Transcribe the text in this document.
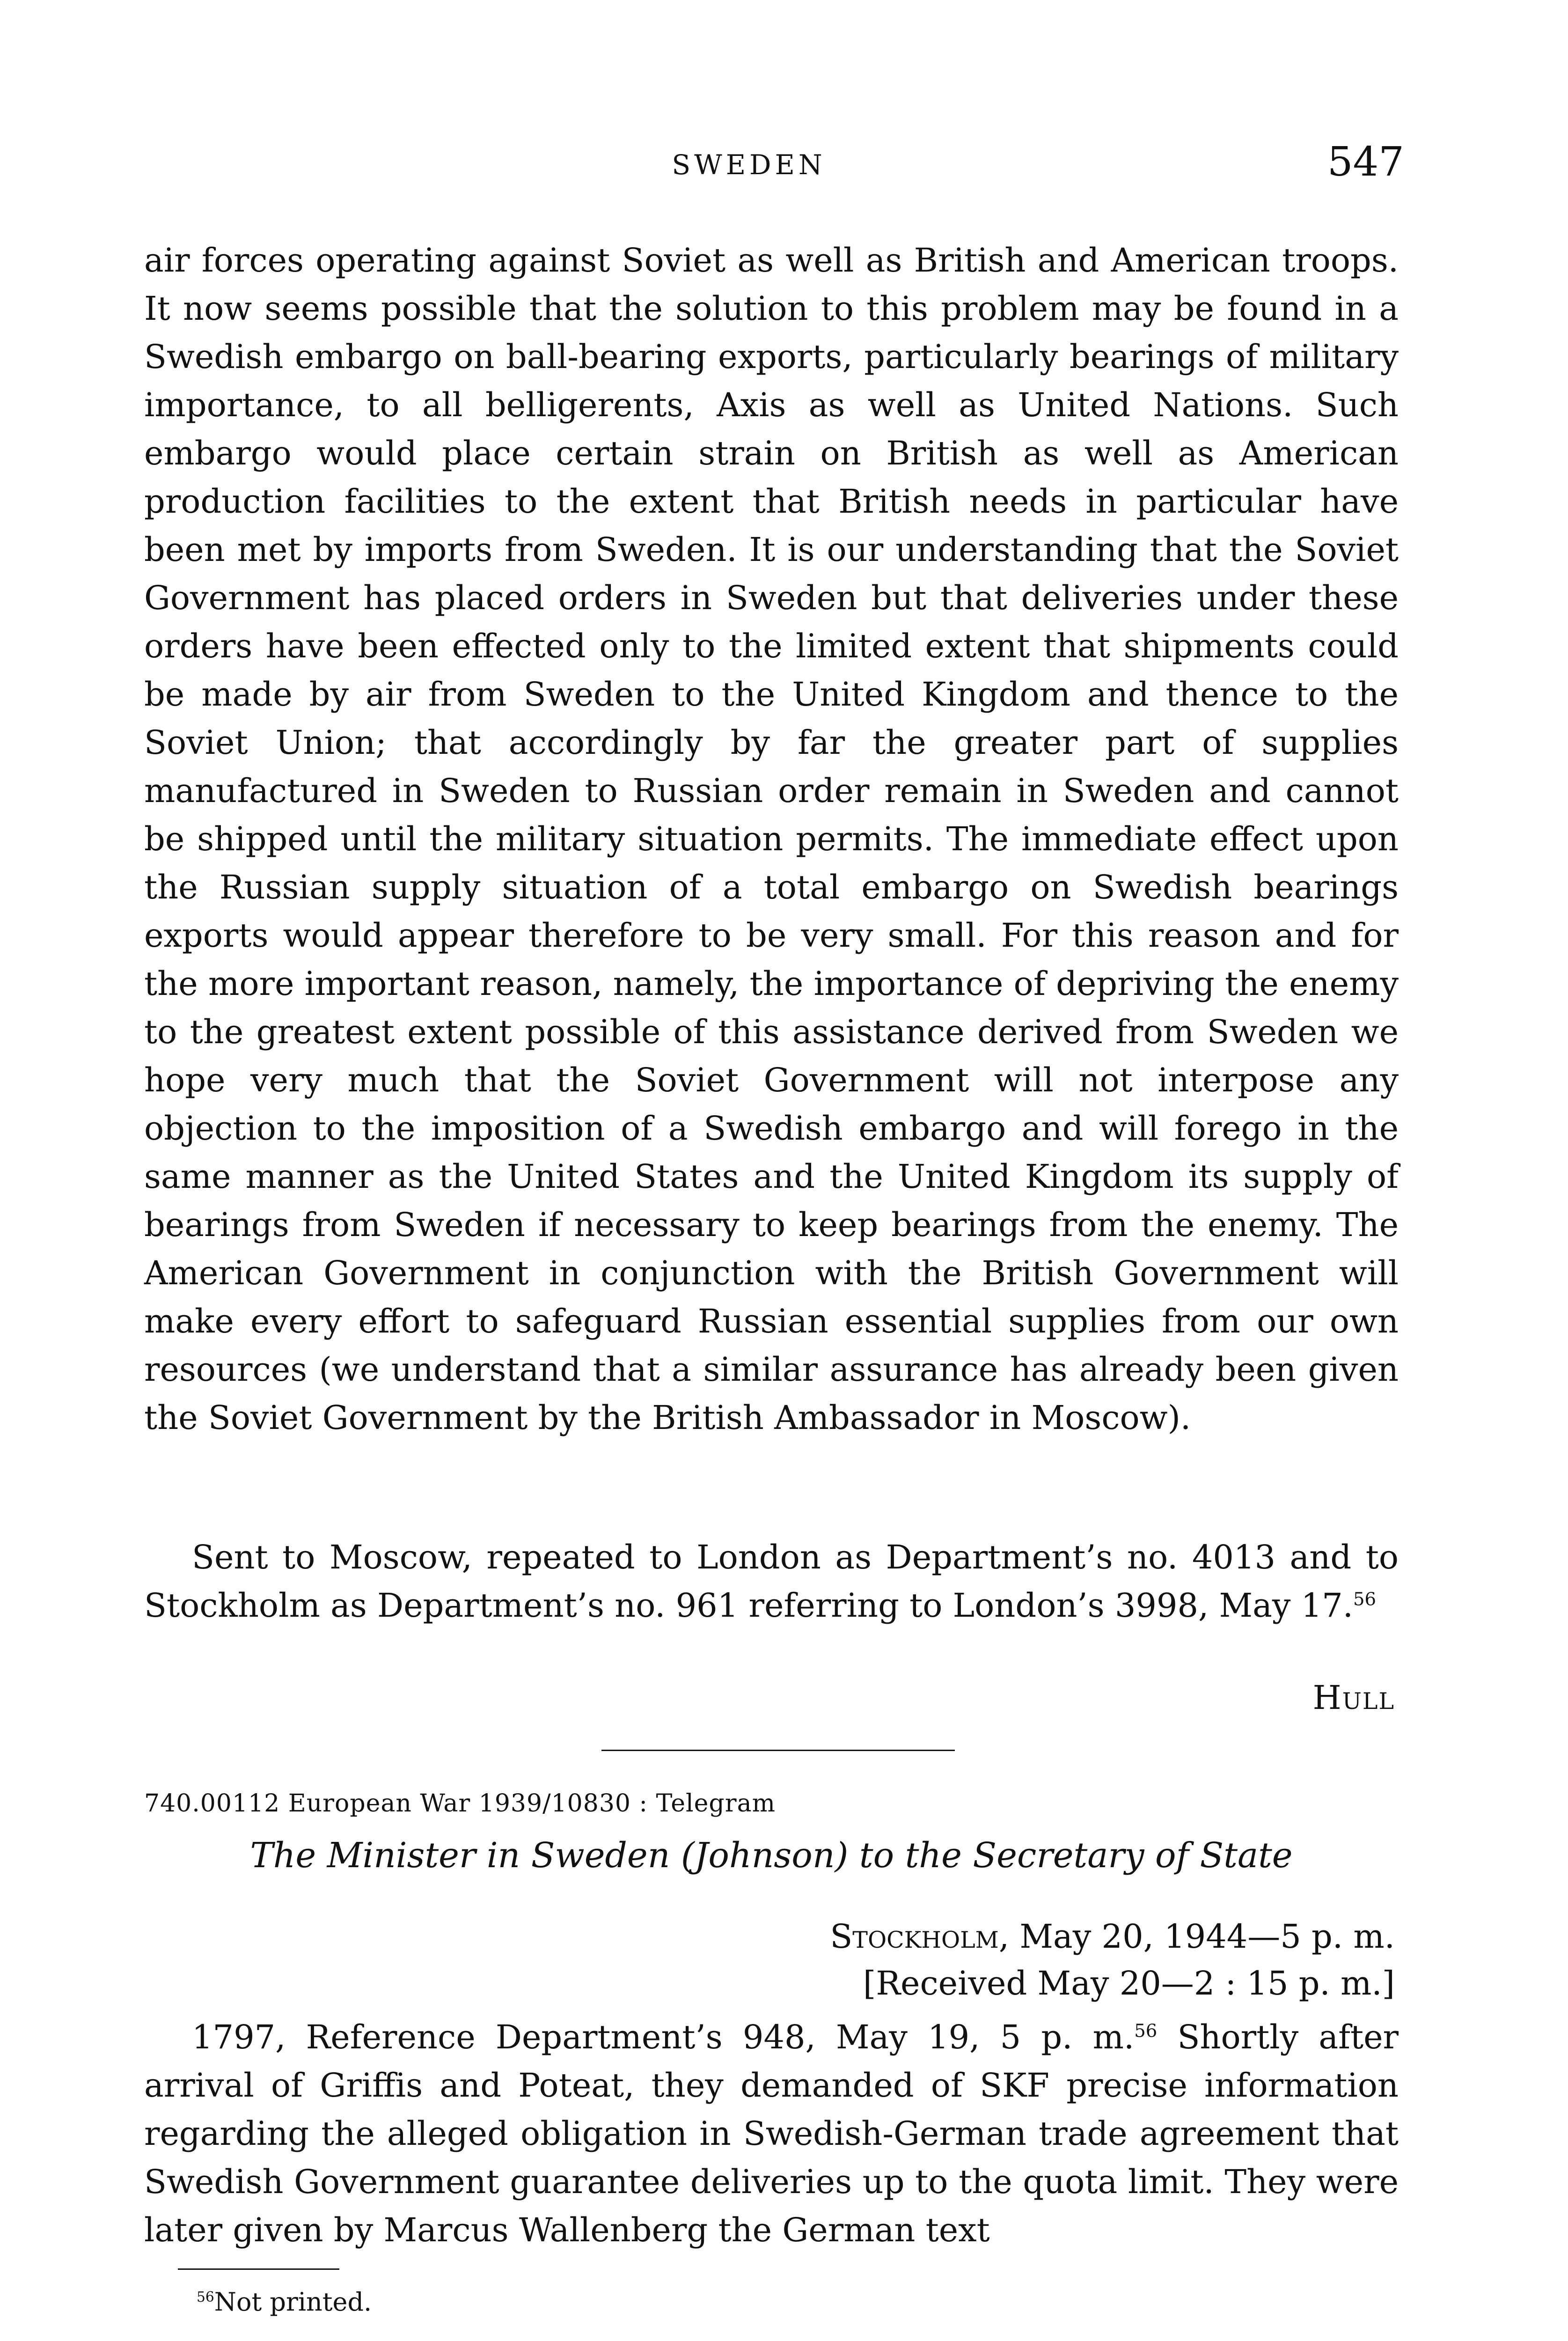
SWEDEN	547

air forces operating against Soviet as well as British and American troops. It now seems possible that the solution to this problem may be found in a Swedish embargo on ball-bearing exports, particularly bearings of military importance, to all belligerents, Axis as well as United Nations. Such embargo would place certain strain on British as well as American production facilities to the extent that British needs in particular have been met by imports from Sweden. It is our understanding that the Soviet Government has placed orders in Sweden but that deliveries under these orders have been effected only to the limited extent that shipments could be made by air from Sweden to the United Kingdom and thence to the Soviet Union; that accordingly by far the greater part of supplies manufactured in Sweden to Russian order remain in Sweden and cannot be shipped until the military situation permits. The immediate effect upon the Russian supply situation of a total embargo on Swedish bearings exports would appear therefore to be very small. For this reason and for the more important reason, namely, the importance of depriving the enemy to the greatest extent possible of this assistance derived from Sweden we hope very much that the Soviet Government will not interpose any objection to the imposition of a Swedish embargo and will forego in the same manner as the United States and the United Kingdom its supply of bearings from Sweden if necessary to keep bearings from the enemy. The American Government in conjunction with the British Government will make every effort to safeguard Russian essential supplies from our own resources (we understand that a similar assurance has already been given the Soviet Government by the British Ambassador in Moscow).

Sent to Moscow, repeated to London as Department’s no. 4013 and to Stockholm as Department’s no. 961 referring to London’s 3998, May 17.56

Hull
740.00112 European War 1939/10830 : Telegram
The Minister in Sweden (Johnson) to the Secretary of State
Stockholm, May 20, 1944—5 p. m.
[Received May 20—2 : 15 p. m.]

1797, Reference Department’s 948, May 19, 5 p. m.$^{56}$ Shortly after arrival of Griffis and Poteat, they demanded of SKF precise information regarding the alleged obligation in Swedish-German trade agreement that Swedish Government guarantee deliveries up to the quota limit. They were later given by Marcus Wallenberg the German text

$^{56}$Not printed.
